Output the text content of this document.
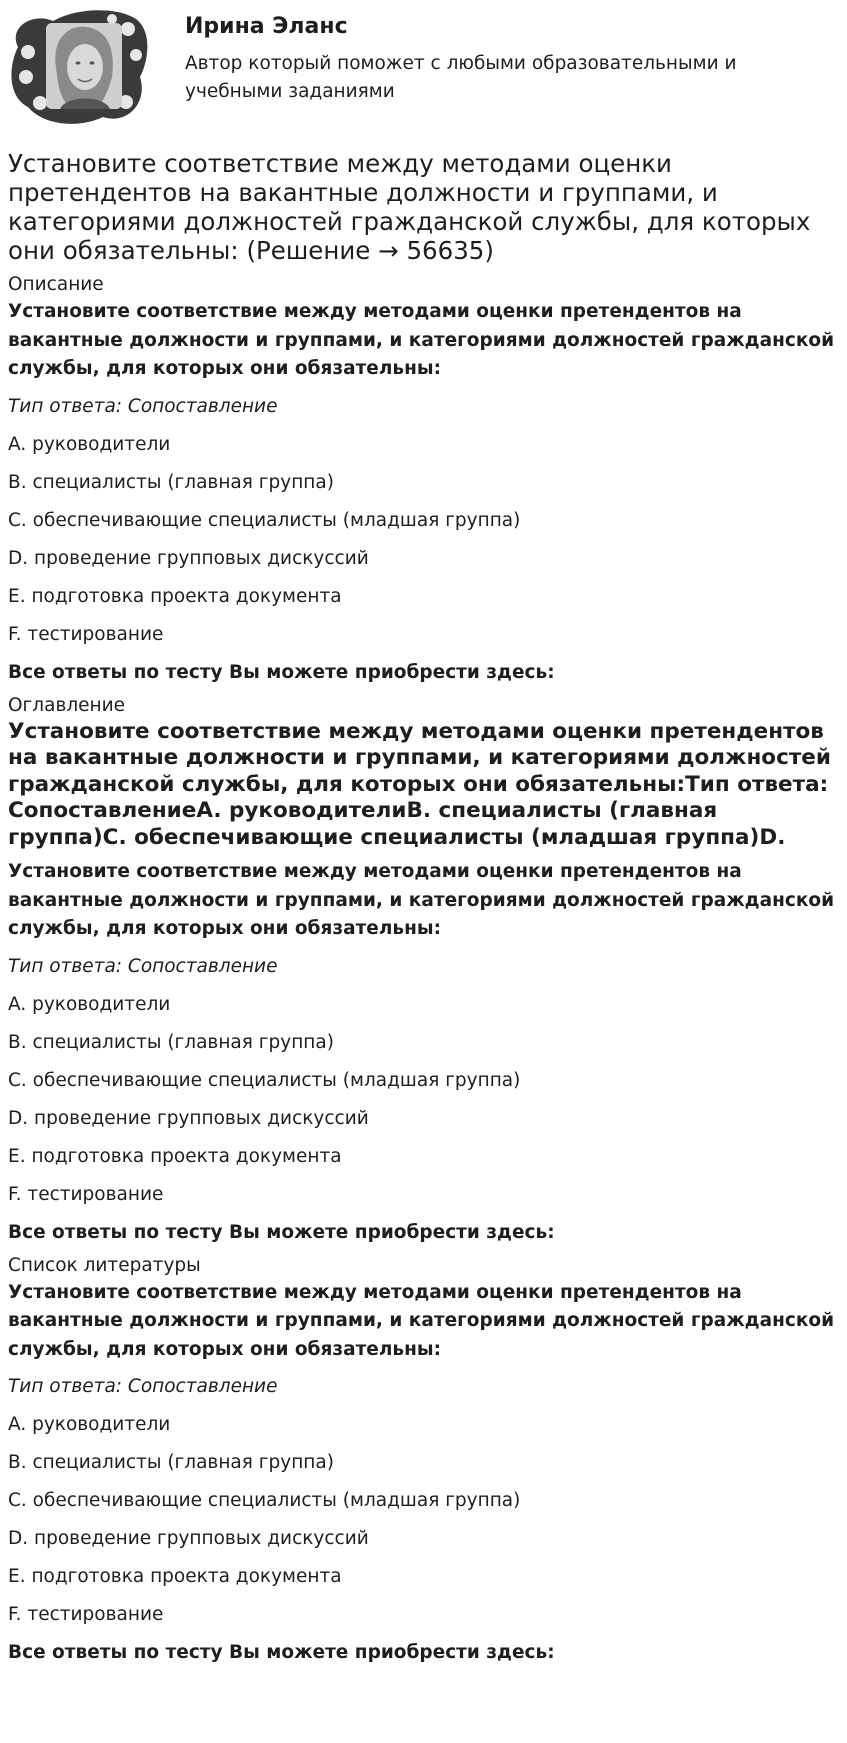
Ирина Эланс

Автор который поможет с любыми образовательными и учебными заданиями

Установите соответствие между методами оценки претендентов на вакантные должности и группами, и категориями должностей гражданской службы, для которых они обязательны: (Решение → 56635)

Описание

Установите соответствие между методами оценки претендентов на вакантные должности и группами, и категориями должностей гражданской службы, для которых они обязательны:

Тип ответа: Сопоставление

A. руководители

B. специалисты (главная группа)

C. обеспечивающие специалисты (младшая группа)

D. проведение групповых дискуссий

E. подготовка проекта документа

F. тестирование

Все ответы по тесту Вы можете приобрести здесь:

Оглавление

Установите соответствие между методами оценки претендентов на вакантные должности и группами, и категориями должностей гражданской службы, для которых они обязательны:Тип ответа: СопоставлениеA. руководителиB. специалисты (главная группа)C. обеспечивающие специалисты (младшая группа)D.

Установите соответствие между методами оценки претендентов на вакантные должности и группами, и категориями должностей гражданской службы, для которых они обязательны:

Тип ответа: Сопоставление

A. руководители

B. специалисты (главная группа)

C. обеспечивающие специалисты (младшая группа)

D. проведение групповых дискуссий

E. подготовка проекта документа

F. тестирование

Все ответы по тесту Вы можете приобрести здесь:

Список литературы

Установите соответствие между методами оценки претендентов на вакантные должности и группами, и категориями должностей гражданской службы, для которых они обязательны:

Тип ответа: Сопоставление

A. руководители

B. специалисты (главная группа)

C. обеспечивающие специалисты (младшая группа)

D. проведение групповых дискуссий

E. подготовка проекта документа

F. тестирование

Все ответы по тесту Вы можете приобрести здесь:
